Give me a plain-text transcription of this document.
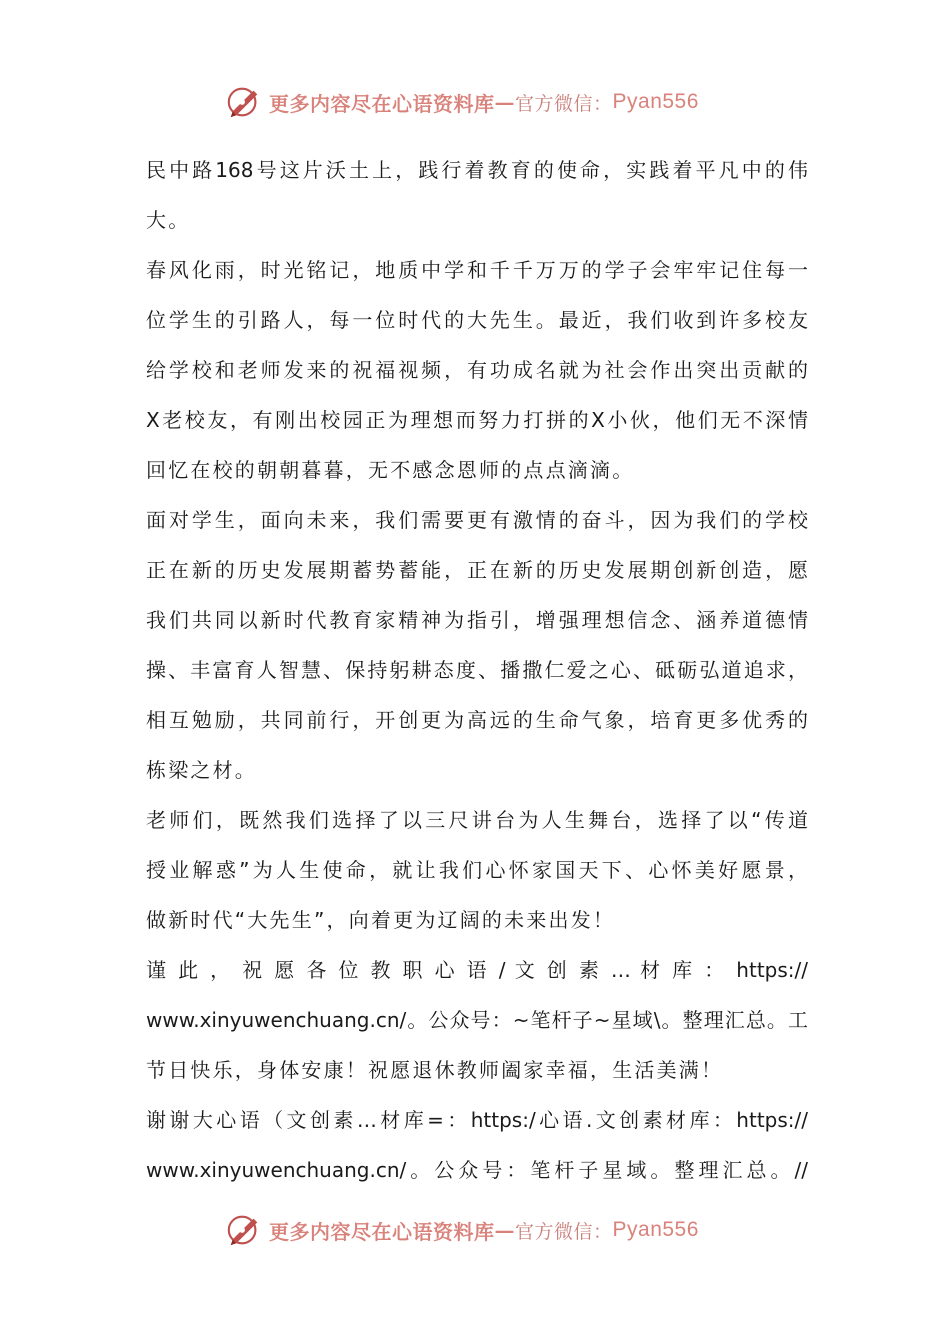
更多内容尽在心语资料库 — 官方微信： Pyan556
民中路168号这片沃土上，践行着教育的使命，实践着平凡中的伟
大。
春风化雨，时光铭记，地质中学和千千万万的学子会牢牢记住每一
位学生的引路人，每一位时代的大先生。最近，我们收到许多校友
给学校和老师发来的祝福视频，有功成名就为社会作出突出贡献的
X老校友，有刚出校园正为理想而努力打拼的X小伙，他们无不深情
回忆在校的朝朝暮暮，无不感念恩师的点点滴滴。
面对学生，面向未来，我们需要更有激情的奋斗，因为我们的学校
正在新的历史发展期蓄势蓄能，正在新的历史发展期创新创造，愿
我们共同以新时代教育家精神为指引，增强理想信念、涵养道德情
操、丰富育人智慧、保持躬耕态度、播撒仁爱之心、砥砺弘道追求，
相互勉励，共同前行，开创更为高远的生命气象，培育更多优秀的
栋梁之材。
老师们，既然我们选择了以三尺讲台为人生舞台，选择了以“传道
授业解惑”为人生使命，就让我们心怀家国天下、心怀美好愿景，
做新时代“大先生”，向着更为辽阔的未来出发！
谨 此 ， 祝 愿 各 位 教 职 心 语 / 文 创 素 … 材 库 ： https://
www.xinyuwenchuang.cn/。公众号：~笔杆子~星域\。整理汇总。工
节日快乐，身体安康！祝愿退休教师阖家幸福，生活美满！
谢谢大心语（文创素…材库=：https:/心语.文创素材库：https://
www.xinyuwenchuang.cn/。公众号：笔杆子星域。整理汇总。//
更多内容尽在心语资料库 — 官方微信： Pyan556
